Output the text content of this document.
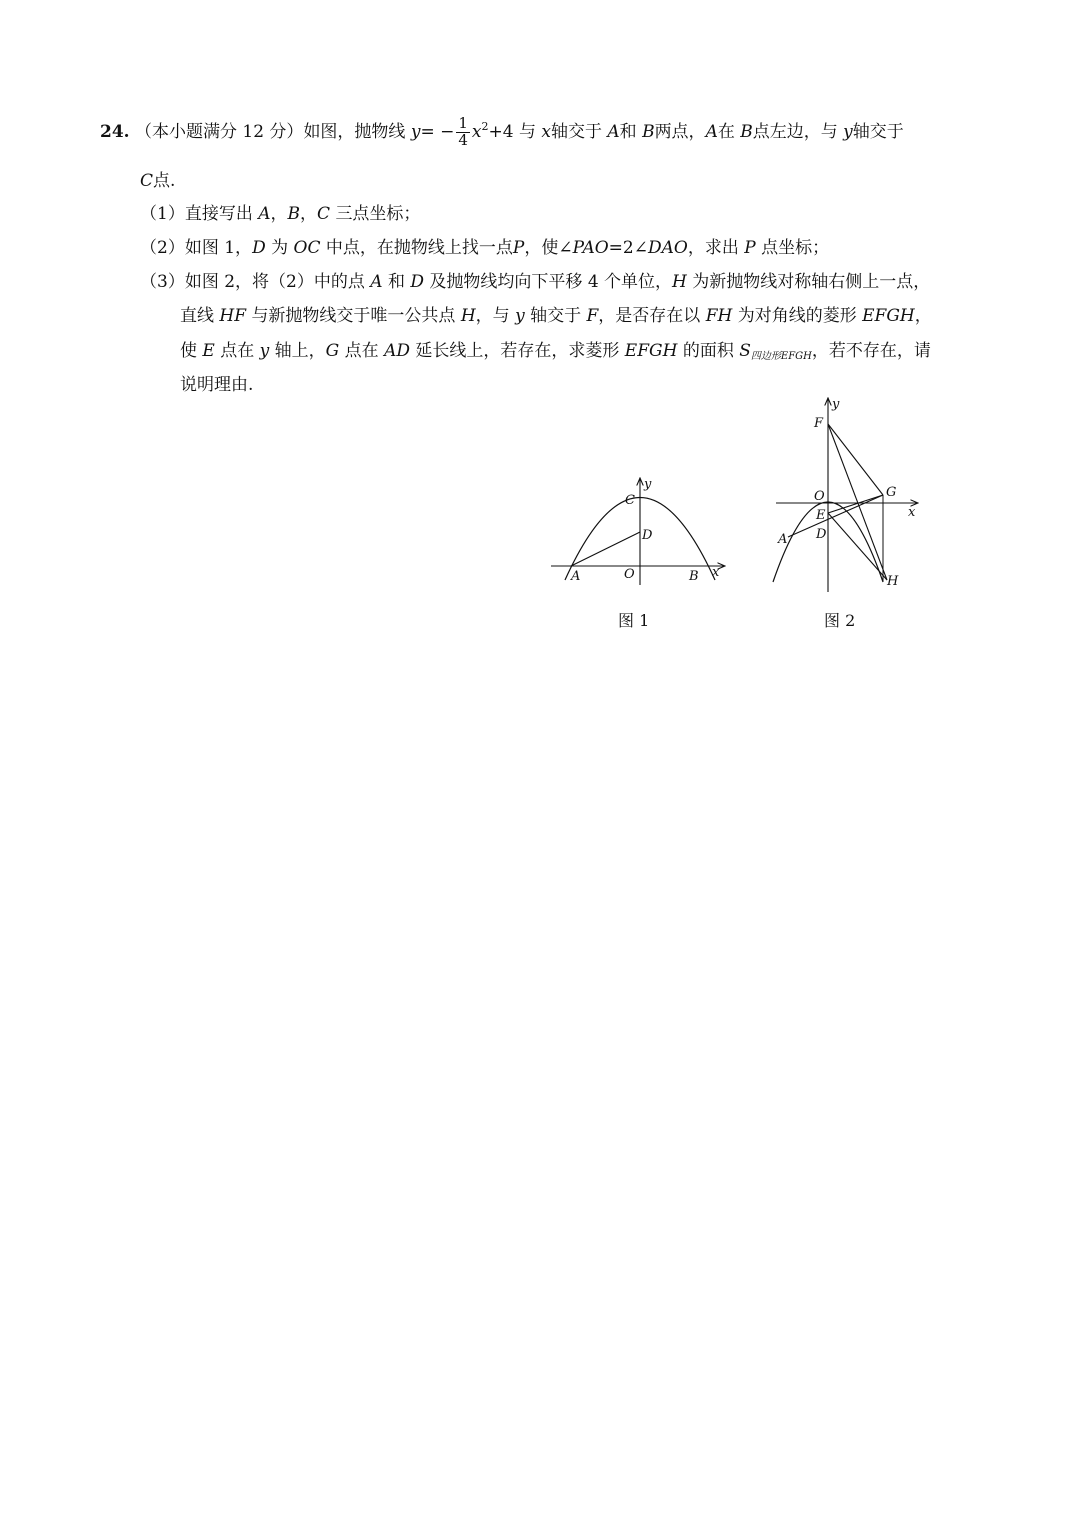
24. （本小题满分 12 分）如图，抛物线 $y= - \frac{1}{4} x^2+4$ 与 x轴交于 A和 B两点，A在 B点左边，与 y轴交于
C点.
（1）直接写出 A，B，C 三点坐标；
（2）如图 1，D 为 OC 中点，在抛物线上找一点P，使∠PAO=2∠DAO，求出 P 点坐标；
（3）如图 2，将（2）中的点 A 和 D 及抛物线均向下平移 4 个单位，H 为新抛物线对称轴右侧上一点，
直线 HF 与新抛物线交于唯一公共点 H，与 y 轴交于 F，是否存在以 FH 为对角线的菱形 EFGH，
使 E 点在 y 轴上，G 点在 AD 延长线上，若存在，求菱形 EFGH 的面积 $S_{四边形EFGH}$，若不存在，请
说明理由.
C
y
D
A	O	B x
图 1
y
F
O	G
E	x
A D
H
图 2
